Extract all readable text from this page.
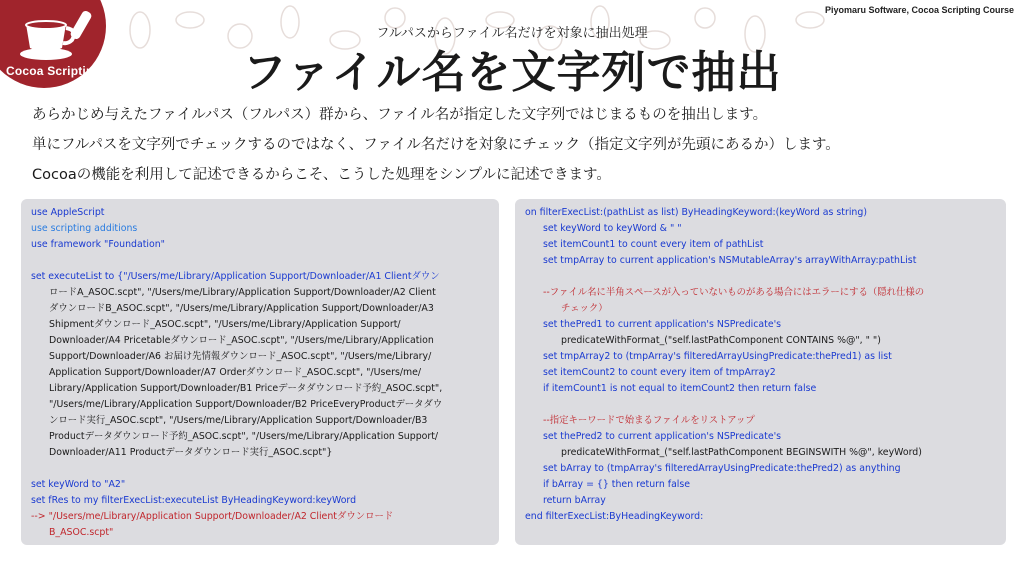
Cocoa Scripting
Piyomaru Software, Cocoa Scripting Course
フルパスからファイル名だけを対象に抽出処理
ファイル名を文字列で抽出

あらかじめ与えたファイルパス（フルパス）群から、ファイル名が指定した文字列ではじまるものを抽出します。

単にフルパスを文字列でチェックするのではなく、ファイル名だけを対象にチェック（指定文字列が先頭にあるか）します。

Cocoaの機能を利用して記述できるからこそ、こうした処理をシンプルに記述できます。

use AppleScript
use scripting additions
use framework "Foundation"
set executeList to {"/Users/me/Library/Application Support/Downloader/A1 Clientダウン
ロードA_ASOC.scpt", "/Users/me/Library/Application Support/Downloader/A2 Client
ダウンロードB_ASOC.scpt", "/Users/me/Library/Application Support/Downloader/A3
Shipmentダウンロード_ASOC.scpt", "/Users/me/Library/Application Support/
Downloader/A4 Pricetableダウンロード_ASOC.scpt", "/Users/me/Library/Application
Support/Downloader/A6 お届け先情報ダウンロード_ASOC.scpt", "/Users/me/Library/
Application Support/Downloader/A7 Orderダウンロード_ASOC.scpt", "/Users/me/
Library/Application Support/Downloader/B1 Priceデータダウンロード予約_ASOC.scpt",
"/Users/me/Library/Application Support/Downloader/B2 PriceEveryProductデータダウ
ンロード実行_ASOC.scpt", "/Users/me/Library/Application Support/Downloader/B3
Productデータダウンロード予約_ASOC.scpt", "/Users/me/Library/Application Support/
Downloader/A11 Productデータダウンロード実行_ASOC.scpt"}
set keyWord to "A2"
set fRes to my filterExecList:executeList ByHeadingKeyword:keyWord
--> "/Users/me/Library/Application Support/Downloader/A2 Clientダウンロード
B_ASOC.scpt"
on filterExecList:(pathList as list) ByHeadingKeyword:(keyWord as string)
set keyWord to keyWord & " "
set itemCount1 to count every item of pathList
set tmpArray to current application's NSMutableArray's arrayWithArray:pathList
--ファイル名に半角スペースが入っていないものがある場合にはエラーにする（隠れ仕様の
チェック）
set thePred1 to current application's NSPredicate's
predicateWithFormat_("self.lastPathComponent CONTAINS %@", " ")
set tmpArray2 to (tmpArray's filteredArrayUsingPredicate:thePred1) as list
set itemCount2 to count every item of tmpArray2
if itemCount1 is not equal to itemCount2 then return false
--指定キーワードで始まるファイルをリストアップ
set thePred2 to current application's NSPredicate's
predicateWithFormat_("self.lastPathComponent BEGINSWITH %@", keyWord)
set bArray to (tmpArray's filteredArrayUsingPredicate:thePred2) as anything
if bArray = {} then return false
return bArray
end filterExecList:ByHeadingKeyword:
